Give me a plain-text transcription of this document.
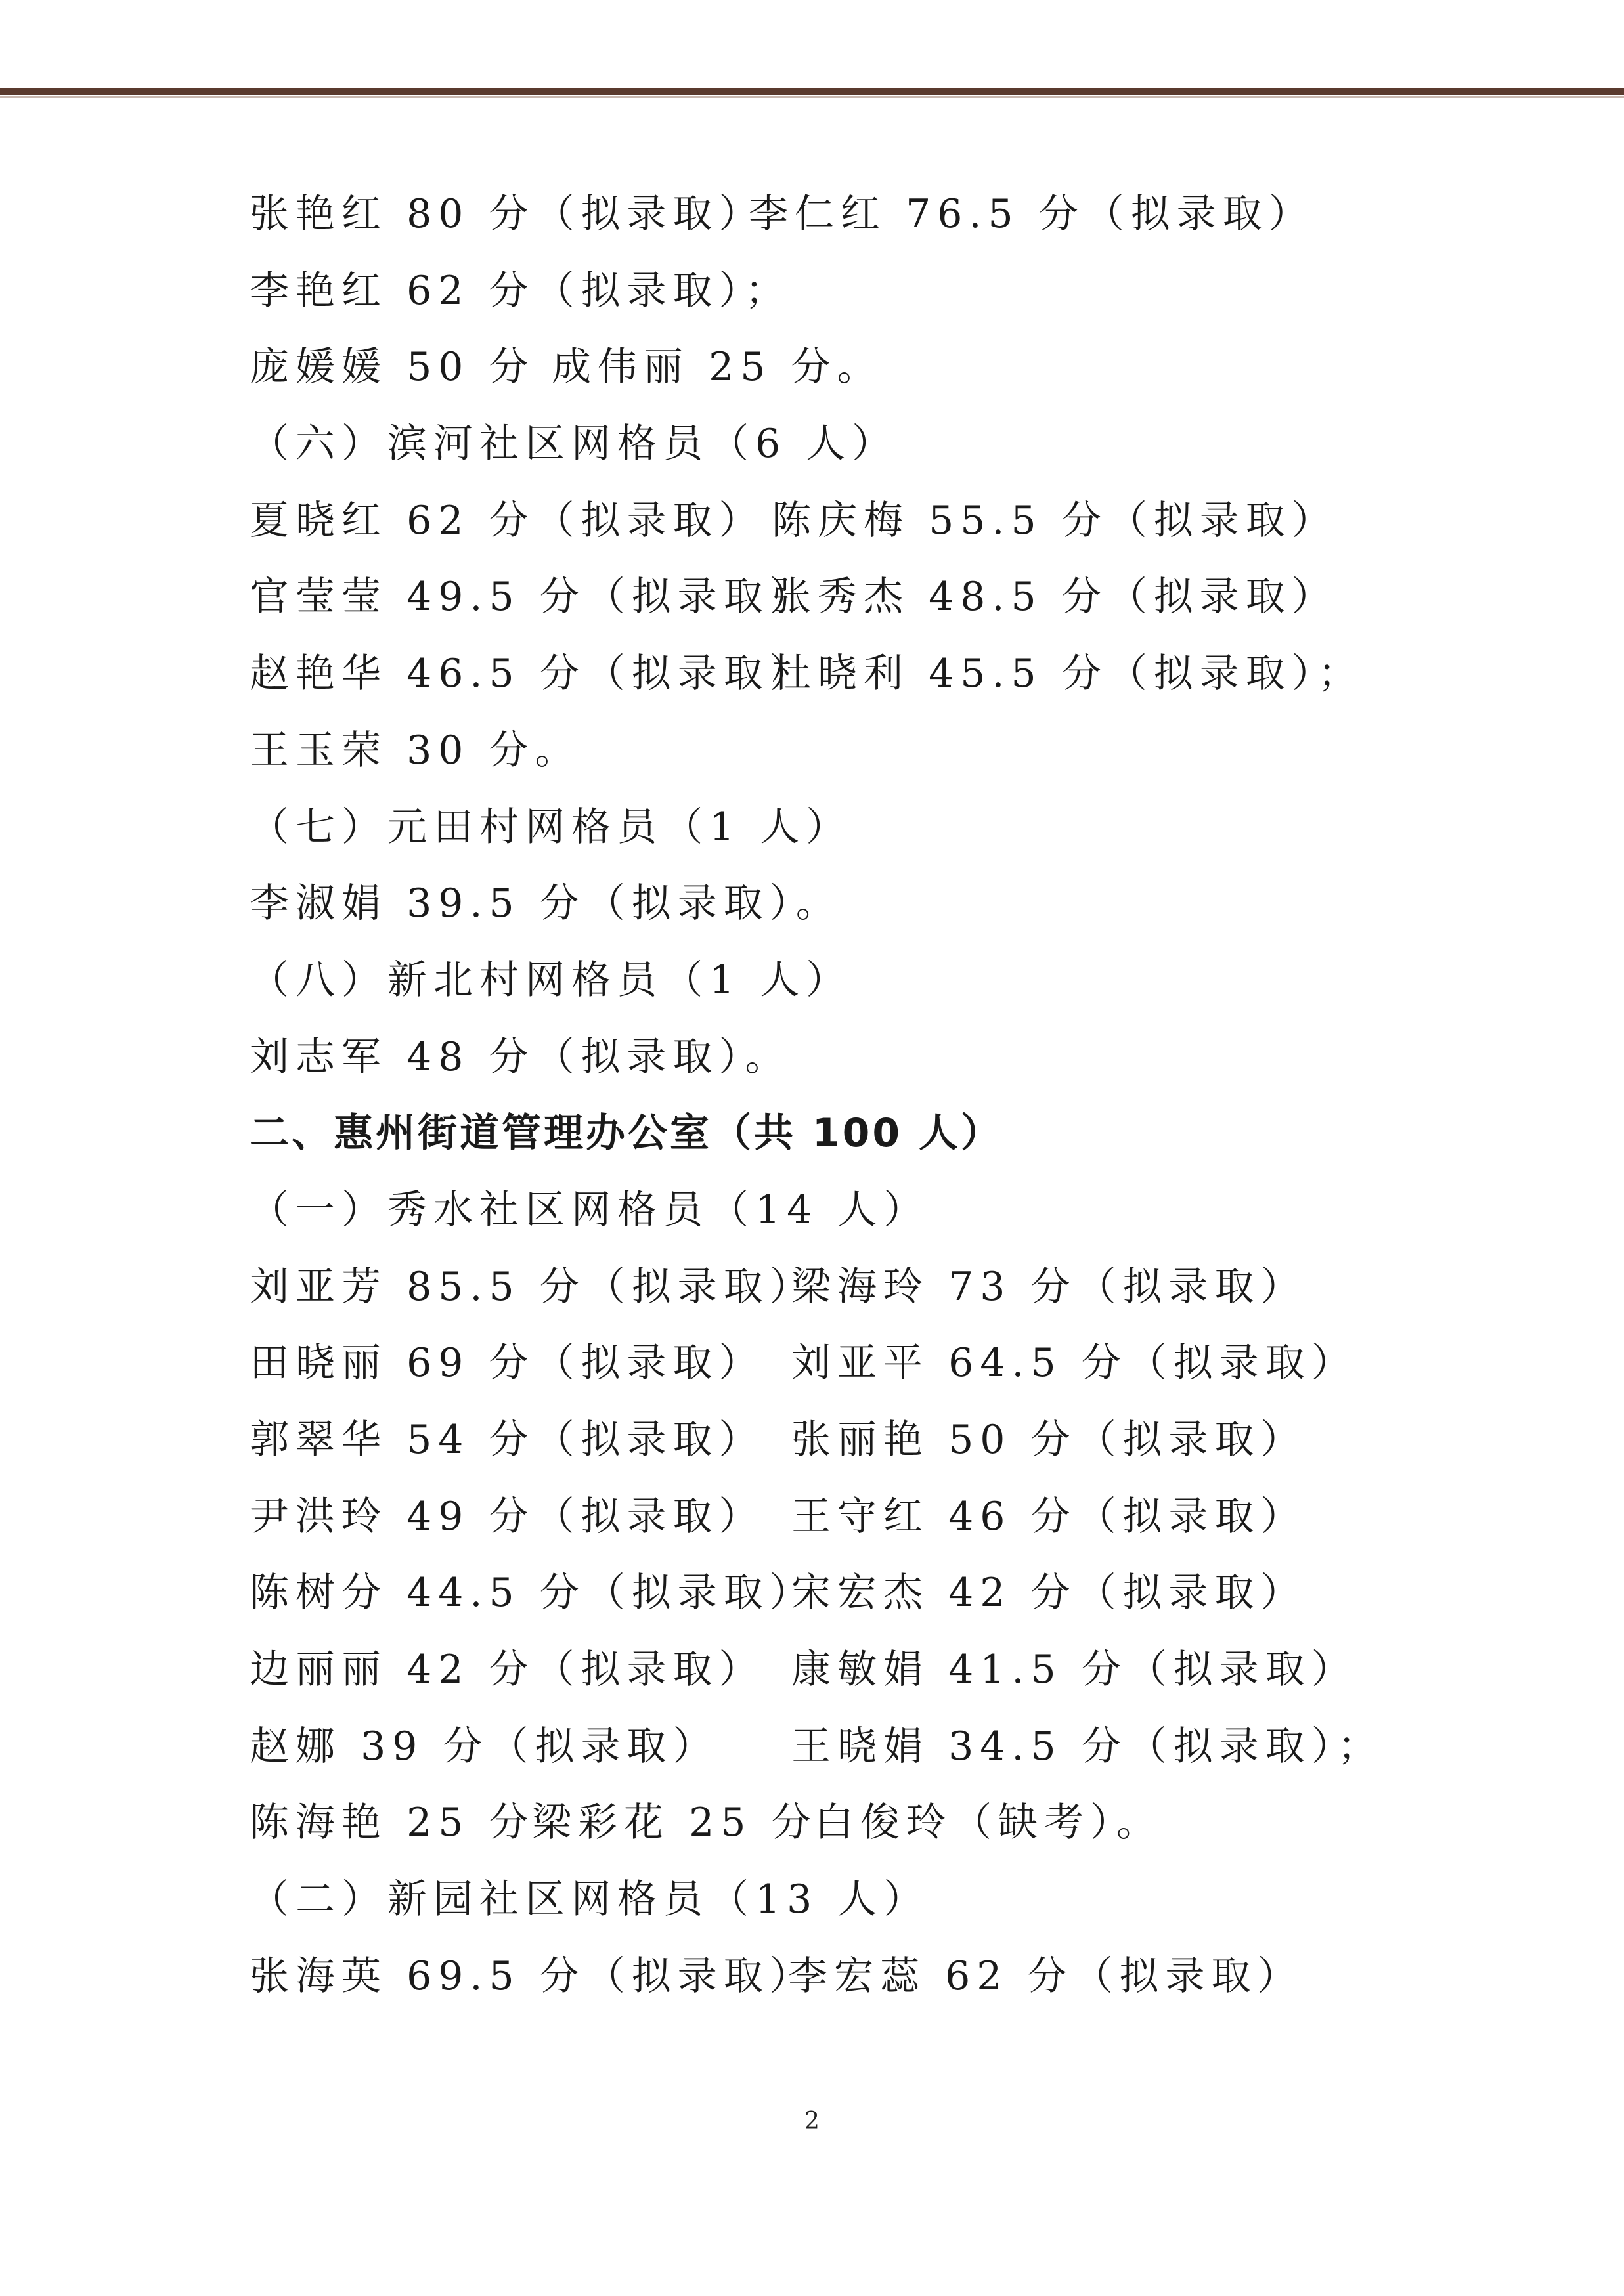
张艳红 80 分（拟录取）
李仁红 76.5 分（拟录取）
李艳红 62 分（拟录取）；
庞媛媛 50 分 成伟丽 25 分。
（六）滨河社区网格员（6 人）
夏晓红 62 分（拟录取） 陈庆梅 55.5 分（拟录取）
官莹莹 49.5 分（拟录取）
张秀杰 48.5 分（拟录取）
赵艳华 46.5 分（拟录取）
杜晓利 45.5 分（拟录取）；
王玉荣 30 分。
（七）元田村网格员（1 人）
李淑娟 39.5 分（拟录取）。
（八）新北村网格员（1 人）
刘志军 48 分（拟录取）。
二、惠州街道管理办公室（共 100 人）
（一）秀水社区网格员（14 人）
刘亚芳 85.5 分（拟录取）
梁海玲 73 分（拟录取）
田晓丽 69 分（拟录取） 刘亚平 64.5 分（拟录取）
郭翠华 54 分（拟录取） 张丽艳 50 分（拟录取）
尹洪玲 49 分（拟录取） 王守红 46 分（拟录取）
陈树分 44.5 分（拟录取）
宋宏杰 42 分（拟录取）
边丽丽 42 分（拟录取） 康敏娟 41.5 分（拟录取）
赵娜 39 分（拟录取） 王晓娟 34.5 分（拟录取）；
陈海艳 25 分
梁彩花 25 分
白俊玲（缺考）。
（二）新园社区网格员（13 人）
张海英 69.5 分（拟录取）
李宏蕊 62 分（拟录取）
2
